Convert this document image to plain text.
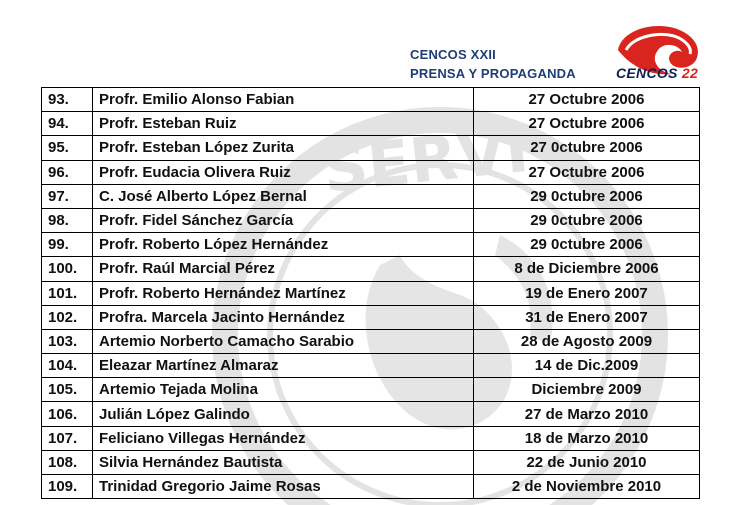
SERVI
CENCOS XXII
PRENSA Y PROPAGANDA	CENCOS 22
93.	Profr. Emilio Alonso Fabian	27 Octubre 2006
94.	Profr. Esteban Ruiz	27 Octubre 2006
95.	Profr. Esteban López Zurita	27 0ctubre 2006
96.	Profr. Eudacia Olivera Ruiz	27 Octubre 2006
97.	C. José Alberto López Bernal	29 0ctubre 2006
98.	Profr. Fidel Sánchez García	29 0ctubre 2006
99.	Profr. Roberto López Hernández	29 0ctubre 2006
100.	Profr. Raúl Marcial Pérez	8 de Diciembre 2006
101.	Profr. Roberto Hernández Martínez	19 de Enero 2007
102.	Profra. Marcela Jacinto Hernández	31 de Enero 2007
103.	Artemio Norberto Camacho Sarabio	28 de Agosto 2009
104.	Eleazar Martínez Almaraz	14 de Dic.2009
105.	Artemio Tejada Molina	Diciembre 2009
106.	Julián López Galindo	27 de Marzo 2010
107.	Feliciano Villegas Hernández	18 de Marzo 2010
108.	Silvia Hernández Bautista	22 de Junio 2010
109.	Trinidad Gregorio Jaime Rosas	2 de Noviembre 2010
